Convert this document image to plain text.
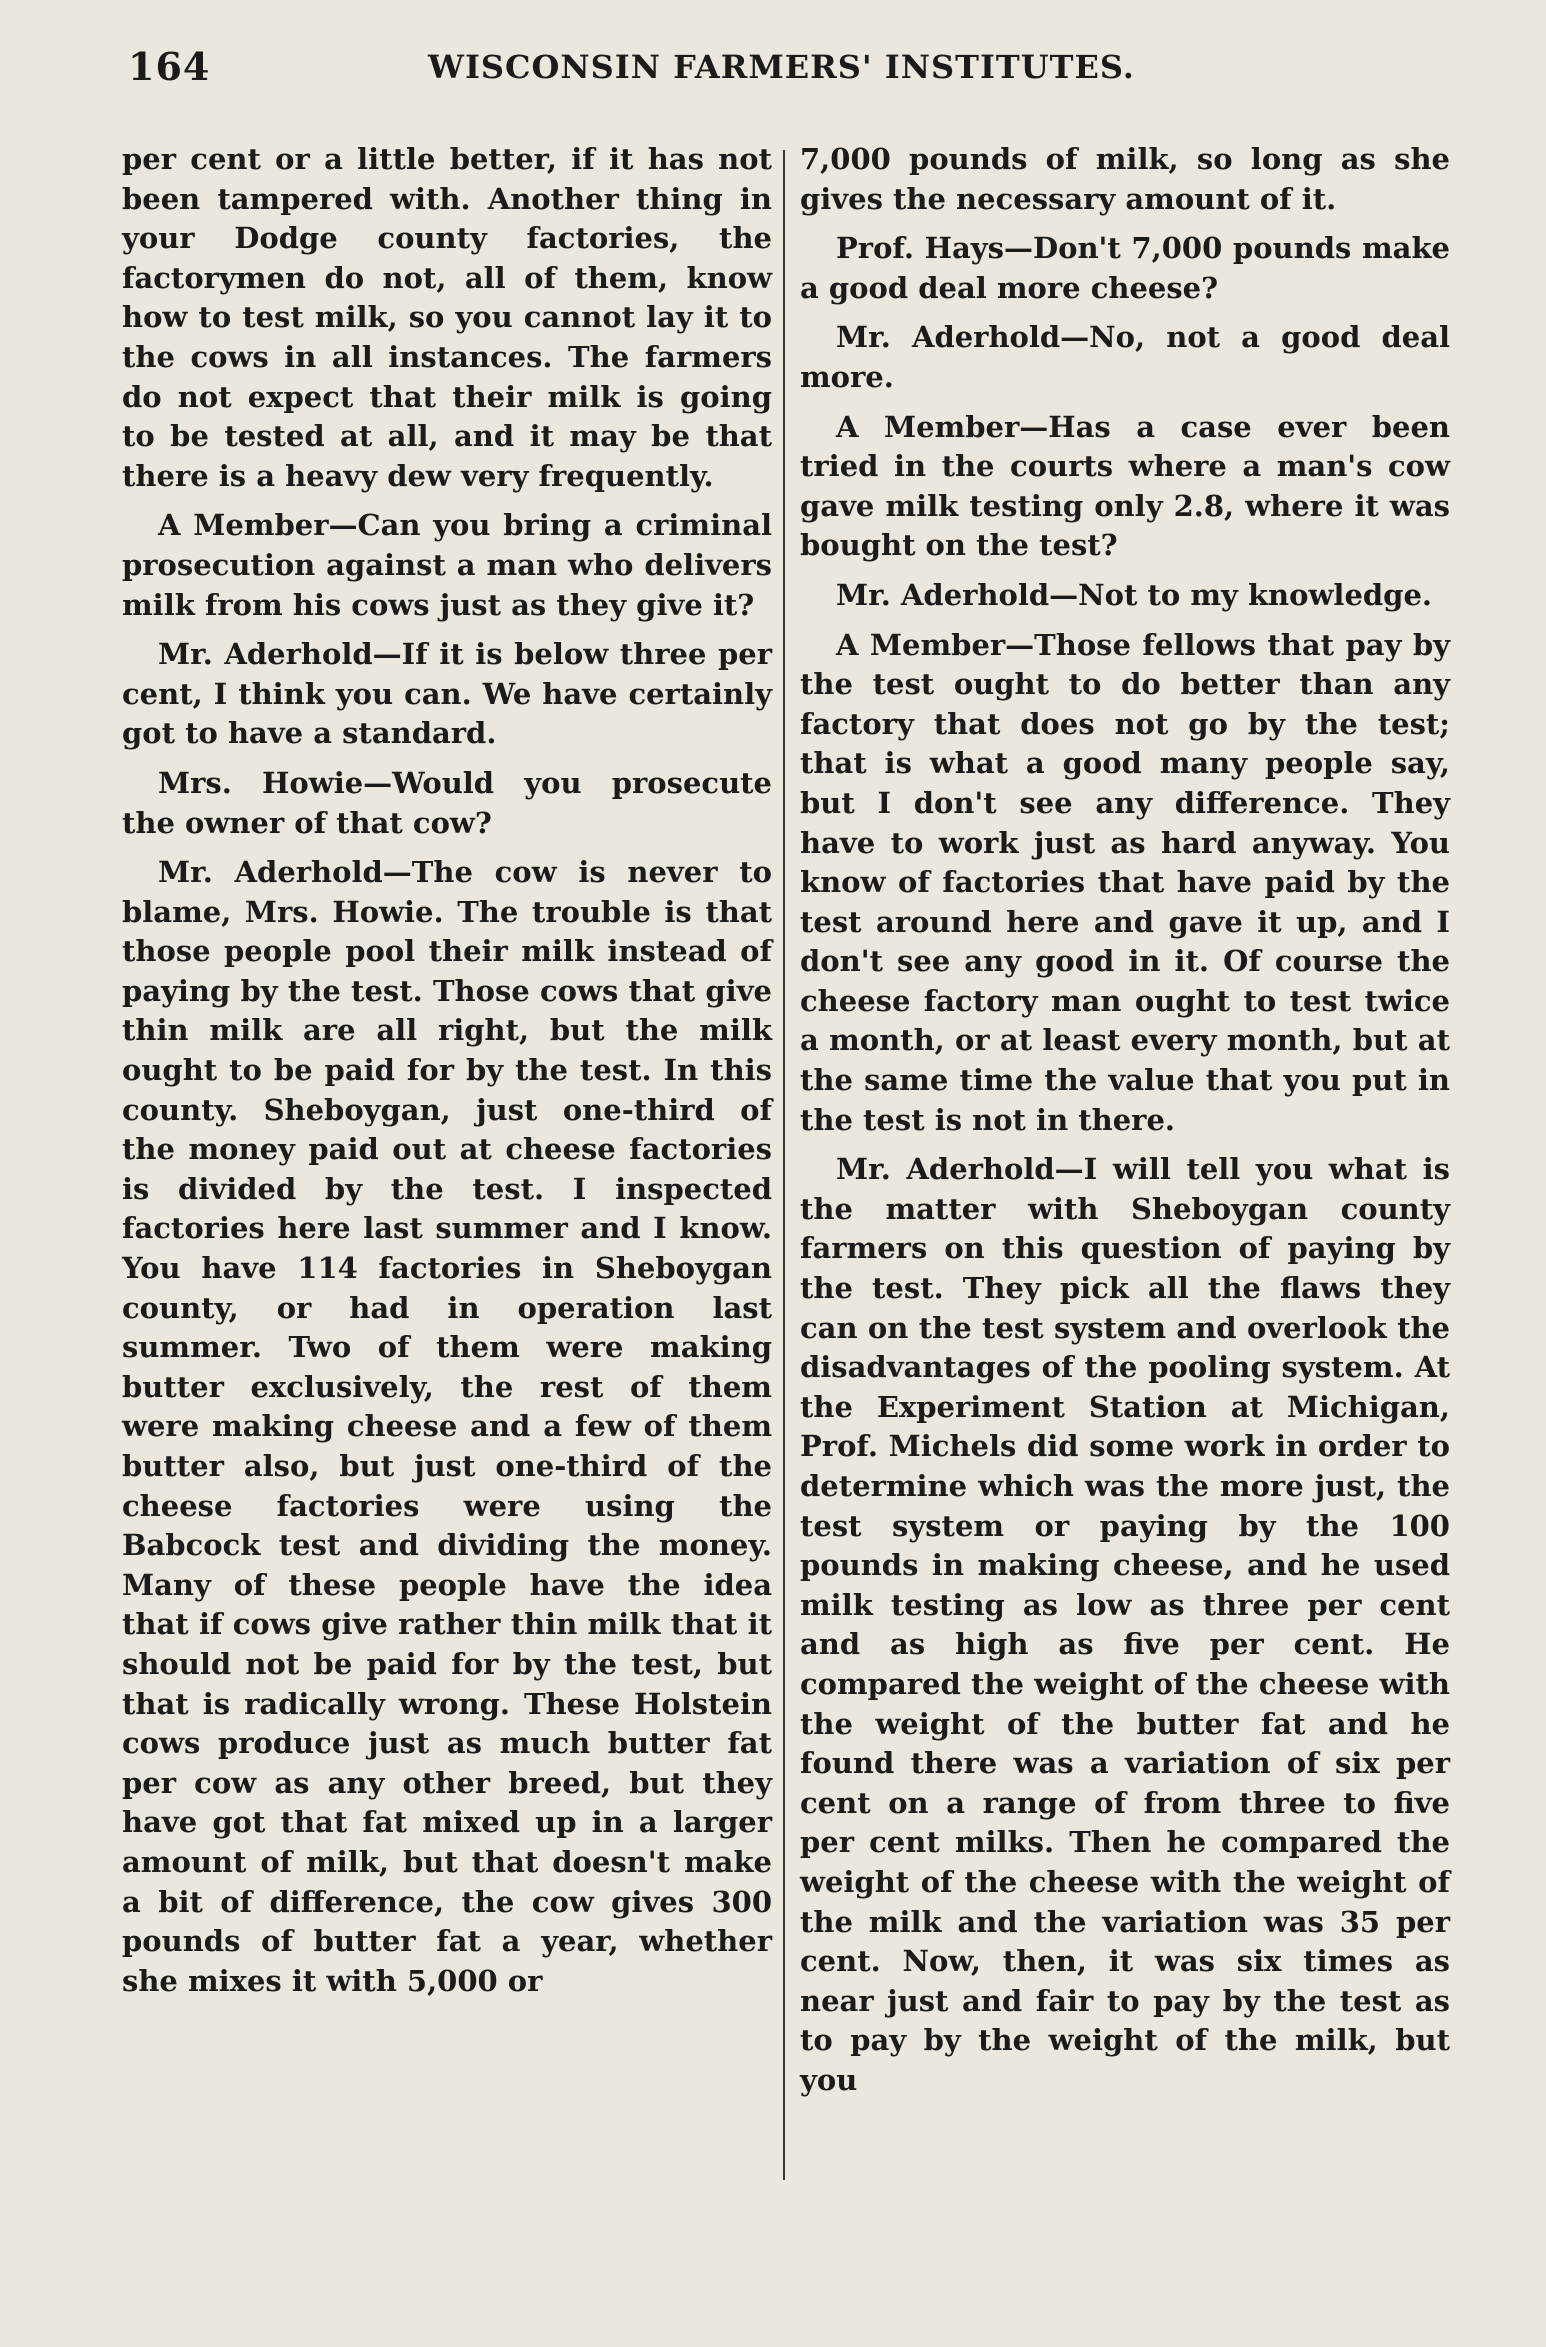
164	WISCONSIN FARMERS' INSTITUTES.

per cent or a little better, if it has not been tampered with. Another thing in your Dodge county factories, the factorymen do not, all of them, know how to test milk, so you cannot lay it to the cows in all instances. The farmers do not expect that their milk is going to be tested at all, and it may be that there is a heavy dew very frequently.

A Member—Can you bring a criminal prosecution against a man who delivers milk from his cows just as they give it?

Mr. Aderhold—If it is below three per cent, I think you can. We have certainly got to have a standard.

Mrs. Howie—Would you prosecute the owner of that cow?

Mr. Aderhold—The cow is never to blame, Mrs. Howie. The trouble is that those people pool their milk instead of paying by the test. Those cows that give thin milk are all right, but the milk ought to be paid for by the test. In this county. Sheboygan, just one-third of the money paid out at cheese factories is divided by the test. I inspected factories here last summer and I know. You have 114 factories in Sheboygan county, or had in operation last summer. Two of them were making butter exclusively, the rest of them were making cheese and a few of them butter also, but just one-third of the cheese factories were using the Babcock test and dividing the money. Many of these people have the idea that if cows give rather thin milk that it should not be paid for by the test, but that is radically wrong. These Holstein cows produce just as much butter fat per cow as any other breed, but they have got that fat mixed up in a larger amount of milk, but that doesn't make a bit of difference, the cow gives 300 pounds of butter fat a year, whether she mixes it with 5,000 or

7,000 pounds of milk, so long as she gives the necessary amount of it.

Prof. Hays—Don't 7,000 pounds make a good deal more cheese?

Mr. Aderhold—No, not a good deal more.

A Member—Has a case ever been tried in the courts where a man's cow gave milk testing only 2.8, where it was bought on the test?

Mr. Aderhold—Not to my knowledge.

A Member—Those fellows that pay by the test ought to do better than any factory that does not go by the test; that is what a good many people say, but I don't see any difference. They have to work just as hard anyway. You know of factories that have paid by the test around here and gave it up, and I don't see any good in it. Of course the cheese factory man ought to test twice a month, or at least every month, but at the same time the value that you put in the test is not in there.

Mr. Aderhold—I will tell you what is the matter with Sheboygan county farmers on this question of paying by the test. They pick all the flaws they can on the test system and overlook the disadvantages of the pooling system. At the Experiment Station at Michigan, Prof. Michels did some work in order to determine which was the more just, the test system or paying by the 100 pounds in making cheese, and he used milk testing as low as three per cent and as high as five per cent. He compared the weight of the cheese with the weight of the butter fat and he found there was a variation of six per cent on a range of from three to five per cent milks. Then he compared the weight of the cheese with the weight of the milk and the variation was 35 per cent. Now, then, it was six times as near just and fair to pay by the test as to pay by the weight of the milk, but you
